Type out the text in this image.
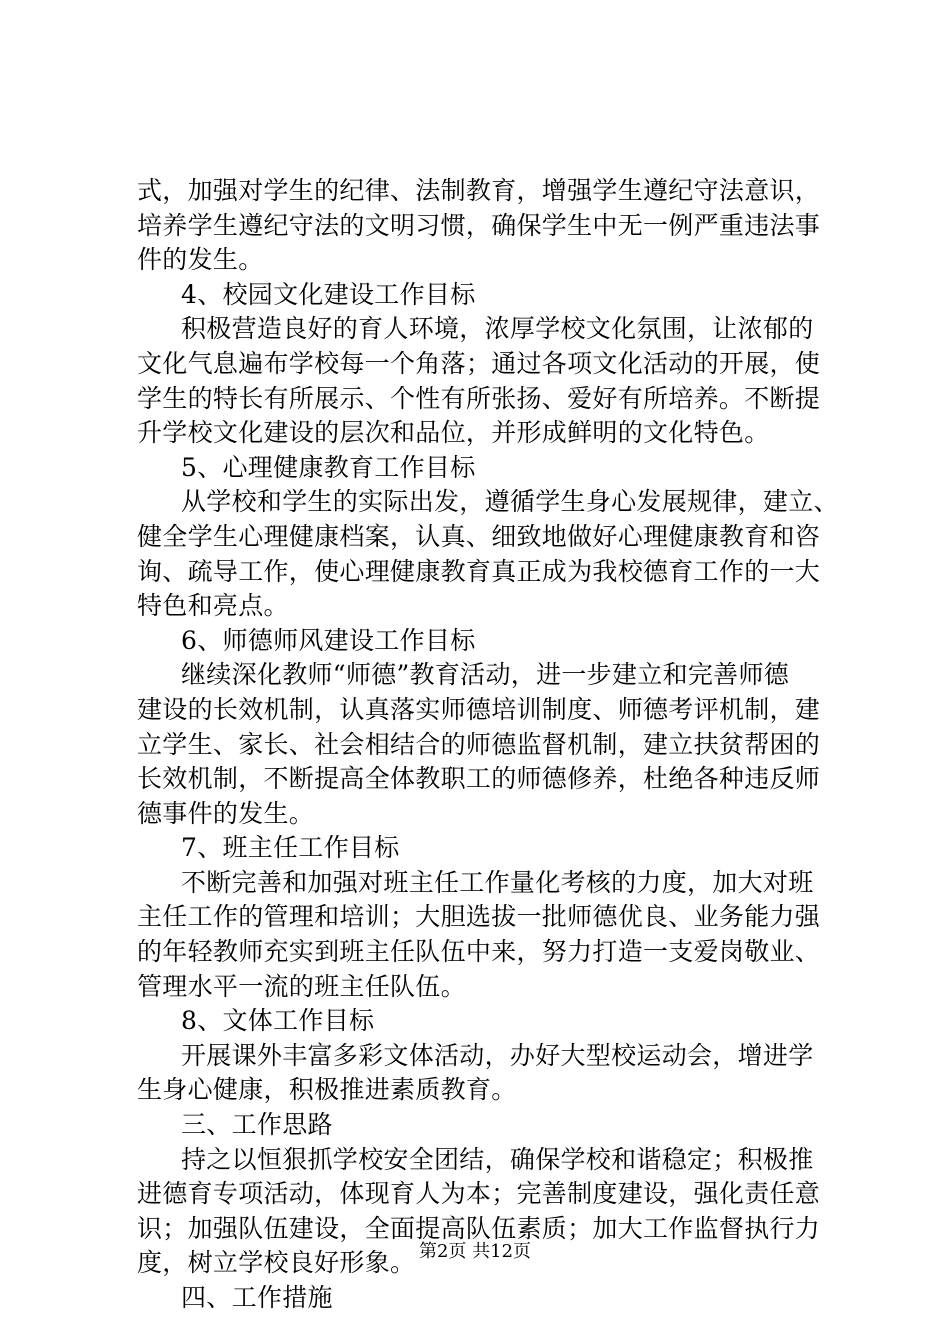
式，加强对学生的纪律、法制教育，增强学生遵纪守法意识，
培养学生遵纪守法的文明习惯，确保学生中无一例严重违法事
件的发生。
4、校园文化建设工作目标
积极营造良好的育人环境，浓厚学校文化氛围，让浓郁的
文化气息遍布学校每一个角落；通过各项文化活动的开展，使
学生的特长有所展示、个性有所张扬、爱好有所培养。不断提
升学校文化建设的层次和品位，并形成鲜明的文化特色。
5、心理健康教育工作目标
从学校和学生的实际出发，遵循学生身心发展规律，建立、
健全学生心理健康档案，认真、细致地做好心理健康教育和咨
询、疏导工作，使心理健康教育真正成为我校德育工作的一大
特色和亮点。
6、师德师风建设工作目标
继续深化教师“师德”教育活动，进一步建立和完善师德
建设的长效机制，认真落实师德培训制度、师德考评机制，建
立学生、家长、社会相结合的师德监督机制，建立扶贫帮困的
长效机制，不断提高全体教职工的师德修养，杜绝各种违反师
德事件的发生。
7、班主任工作目标
不断完善和加强对班主任工作量化考核的力度，加大对班
主任工作的管理和培训；大胆选拔一批师德优良、业务能力强
的年轻教师充实到班主任队伍中来，努力打造一支爱岗敬业、
管理水平一流的班主任队伍。
8、文体工作目标
开展课外丰富多彩文体活动，办好大型校运动会，增进学
生身心健康，积极推进素质教育。
三、工作思路
持之以恒狠抓学校安全团结，确保学校和谐稳定；积极推
进德育专项活动，体现育人为本；完善制度建设，强化责任意
识；加强队伍建设，全面提高队伍素质；加大工作监督执行力
度，树立学校良好形象。
四、工作措施
第2页 共12页
